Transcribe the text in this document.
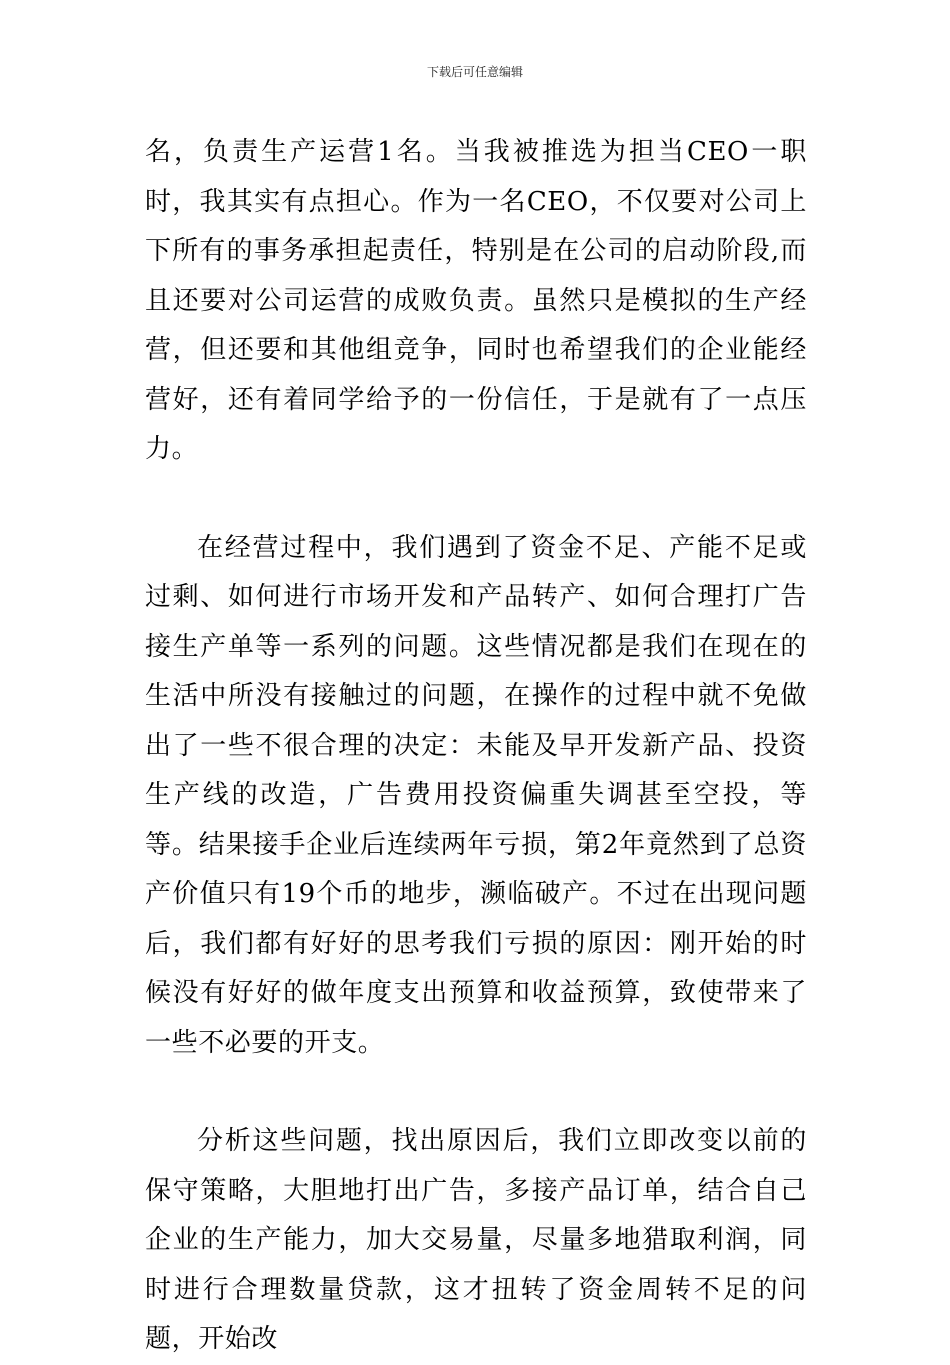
下载后可任意编辑

名，负责生产运营1名。当我被推选为担当CEO一职时，我其实有点担心。作为一名CEO，不仅要对公司上下所有的事务承担起责任，特别是在公司的启动阶段,而且还要对公司运营的成败负责。虽然只是模拟的生产经营，但还要和其他组竞争，同时也希望我们的企业能经营好，还有着同学给予的一份信任，于是就有了一点压力。

在经营过程中，我们遇到了资金不足、产能不足或过剩、如何进行市场开发和产品转产、如何合理打广告接生产单等一系列的问题。这些情况都是我们在现在的生活中所没有接触过的问题，在操作的过程中就不免做出了一些不很合理的决定：未能及早开发新产品、投资生产线的改造，广告费用投资偏重失调甚至空投，等等。结果接手企业后连续两年亏损，第2年竟然到了总资产价值只有19个币的地步，濒临破产。不过在出现问题后，我们都有好好的思考我们亏损的原因：刚开始的时候没有好好的做年度支出预算和收益预算，致使带来了一些不必要的开支。

分析这些问题，找出原因后，我们立即改变以前的保守策略，大胆地打出广告，多接产品订单，结合自己企业的生产能力，加大交易量，尽量多地猎取利润，同时进行合理数量贷款，这才扭转了资金周转不足的问题，开始改
